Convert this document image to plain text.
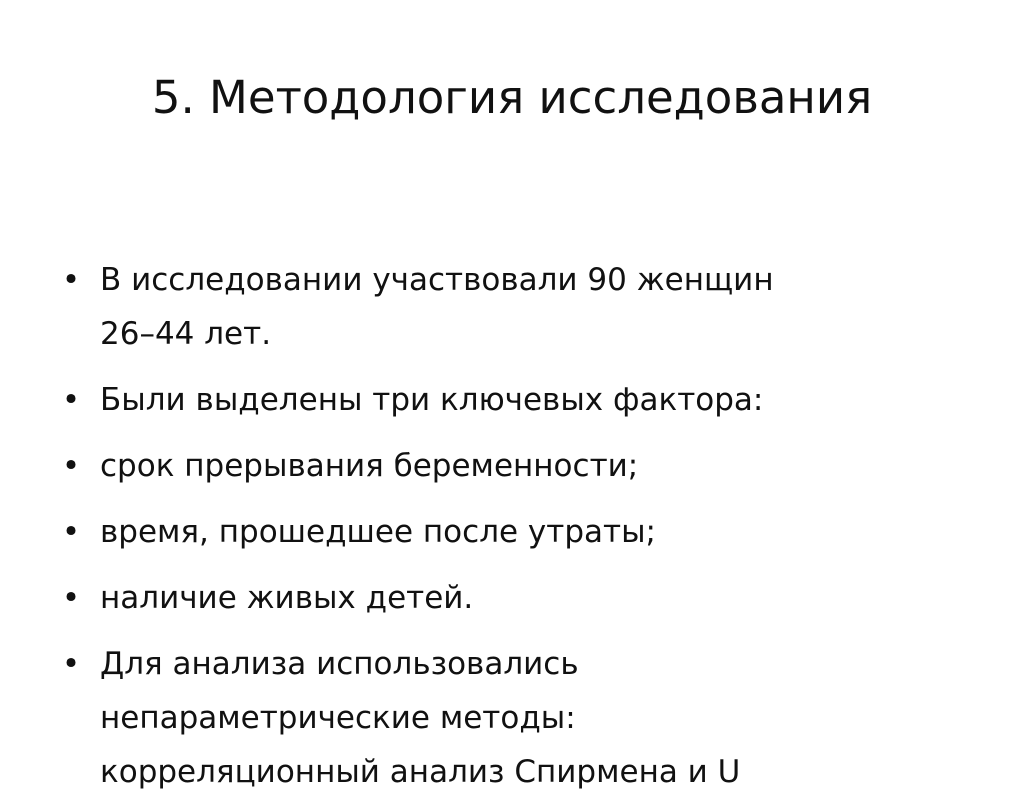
5. Методология исследования
• В исследовании участвовали 90 женщин
26–44 лет.
• Были выделены три ключевых фактора:
• срок прерывания беременности;
• время, прошедшее после утраты;
• наличие живых детей.
• Для анализа использовались
непараметрические методы:
корреляционный анализ Спирмена и U
